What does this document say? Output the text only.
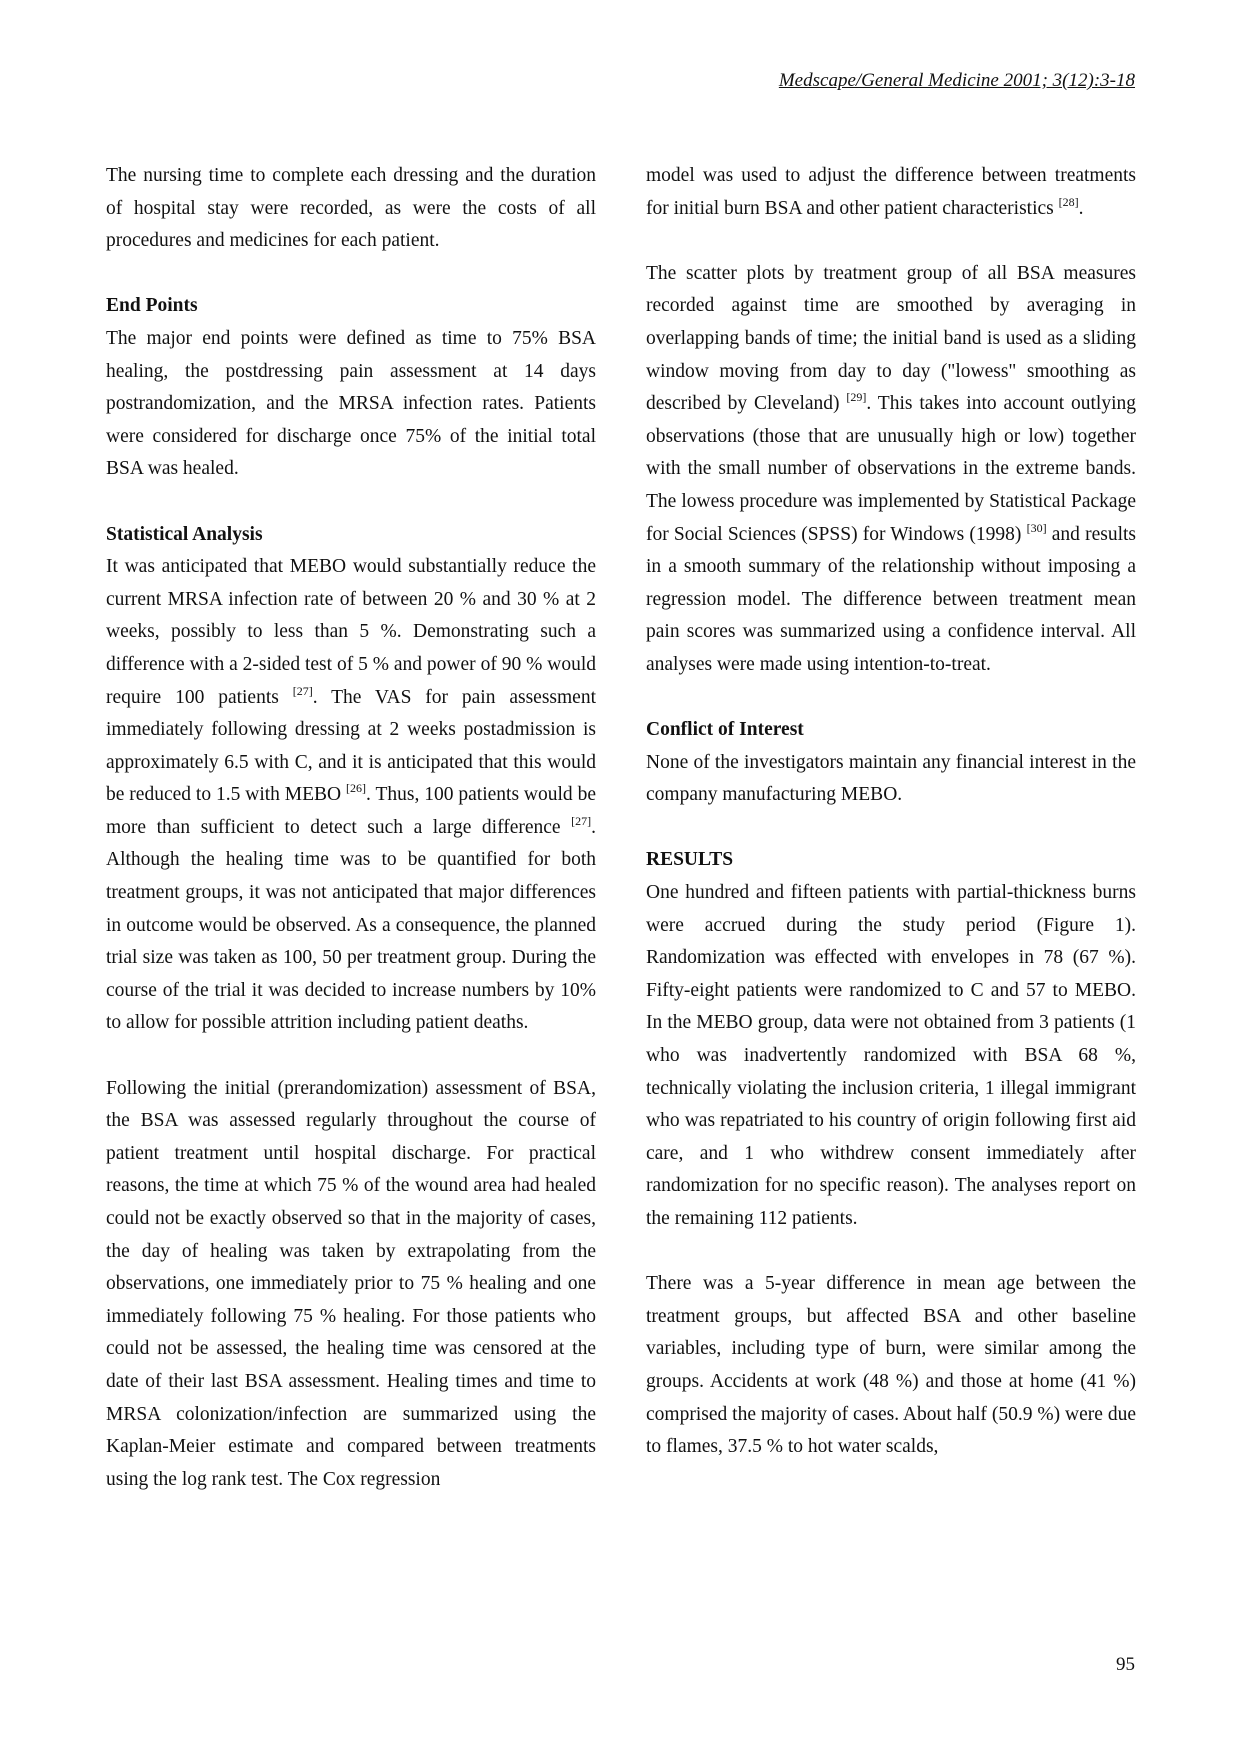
Medscape/General Medicine 2001; 3(12):3-18

The nursing time to complete each dressing and the duration of hospital stay were recorded, as were the costs of all procedures and medicines for each patient.

End Points

The major end points were defined as time to 75% BSA healing, the postdressing pain assessment at 14 days postrandomization, and the MRSA infection rates. Patients were considered for discharge once 75% of the initial total BSA was healed.

Statistical Analysis

It was anticipated that MEBO would substantially reduce the current MRSA infection rate of between 20 % and 30 % at 2 weeks, possibly to less than 5 %. Demonstrating such a difference with a 2-sided test of 5 % and power of 90 % would require 100 patients [27]. The VAS for pain assessment immediately following dressing at 2 weeks postadmission is approximately 6.5 with C, and it is anticipated that this would be reduced to 1.5 with MEBO [26]. Thus, 100 patients would be more than sufficient to detect such a large difference [27]. Although the healing time was to be quantified for both treatment groups, it was not anticipated that major differences in outcome would be observed. As a consequence, the planned trial size was taken as 100, 50 per treatment group. During the course of the trial it was decided to increase numbers by 10% to allow for possible attrition including patient deaths.

Following the initial (prerandomization) assessment of BSA, the BSA was assessed regularly throughout the course of patient treatment until hospital discharge. For practical reasons, the time at which 75 % of the wound area had healed could not be exactly observed so that in the majority of cases, the day of healing was taken by extrapolating from the observations, one immediately prior to 75 % healing and one immediately following 75 % healing. For those patients who could not be assessed, the healing time was censored at the date of their last BSA assessment. Healing times and time to MRSA colonization/infection are summarized using the Kaplan-Meier estimate and compared between treatments using the log rank test. The Cox regression

model was used to adjust the difference between treatments for initial burn BSA and other patient characteristics [28].

The scatter plots by treatment group of all BSA measures recorded against time are smoothed by averaging in overlapping bands of time; the initial band is used as a sliding window moving from day to day ("lowess" smoothing as described by Cleveland) [29]. This takes into account outlying observations (those that are unusually high or low) together with the small number of observations in the extreme bands. The lowess procedure was implemented by Statistical Package for Social Sciences (SPSS) for Windows (1998) [30] and results in a smooth summary of the relationship without imposing a regression model. The difference between treatment mean pain scores was summarized using a confidence interval. All analyses were made using intention-to-treat.

Conflict of Interest

None of the investigators maintain any financial interest in the company manufacturing MEBO.

RESULTS

One hundred and fifteen patients with partial-thickness burns were accrued during the study period (Figure 1). Randomization was effected with envelopes in 78 (67 %). Fifty-eight patients were randomized to C and 57 to MEBO. In the MEBO group, data were not obtained from 3 patients (1 who was inadvertently randomized with BSA 68 %, technically violating the inclusion criteria, 1 illegal immigrant who was repatriated to his country of origin following first aid care, and 1 who withdrew consent immediately after randomization for no specific reason). The analyses report on the remaining 112 patients.

There was a 5-year difference in mean age between the treatment groups, but affected BSA and other baseline variables, including type of burn, were similar among the groups. Accidents at work (48 %) and those at home (41 %) comprised the majority of cases. About half (50.9 %) were due to flames, 37.5 % to hot water scalds,

95
